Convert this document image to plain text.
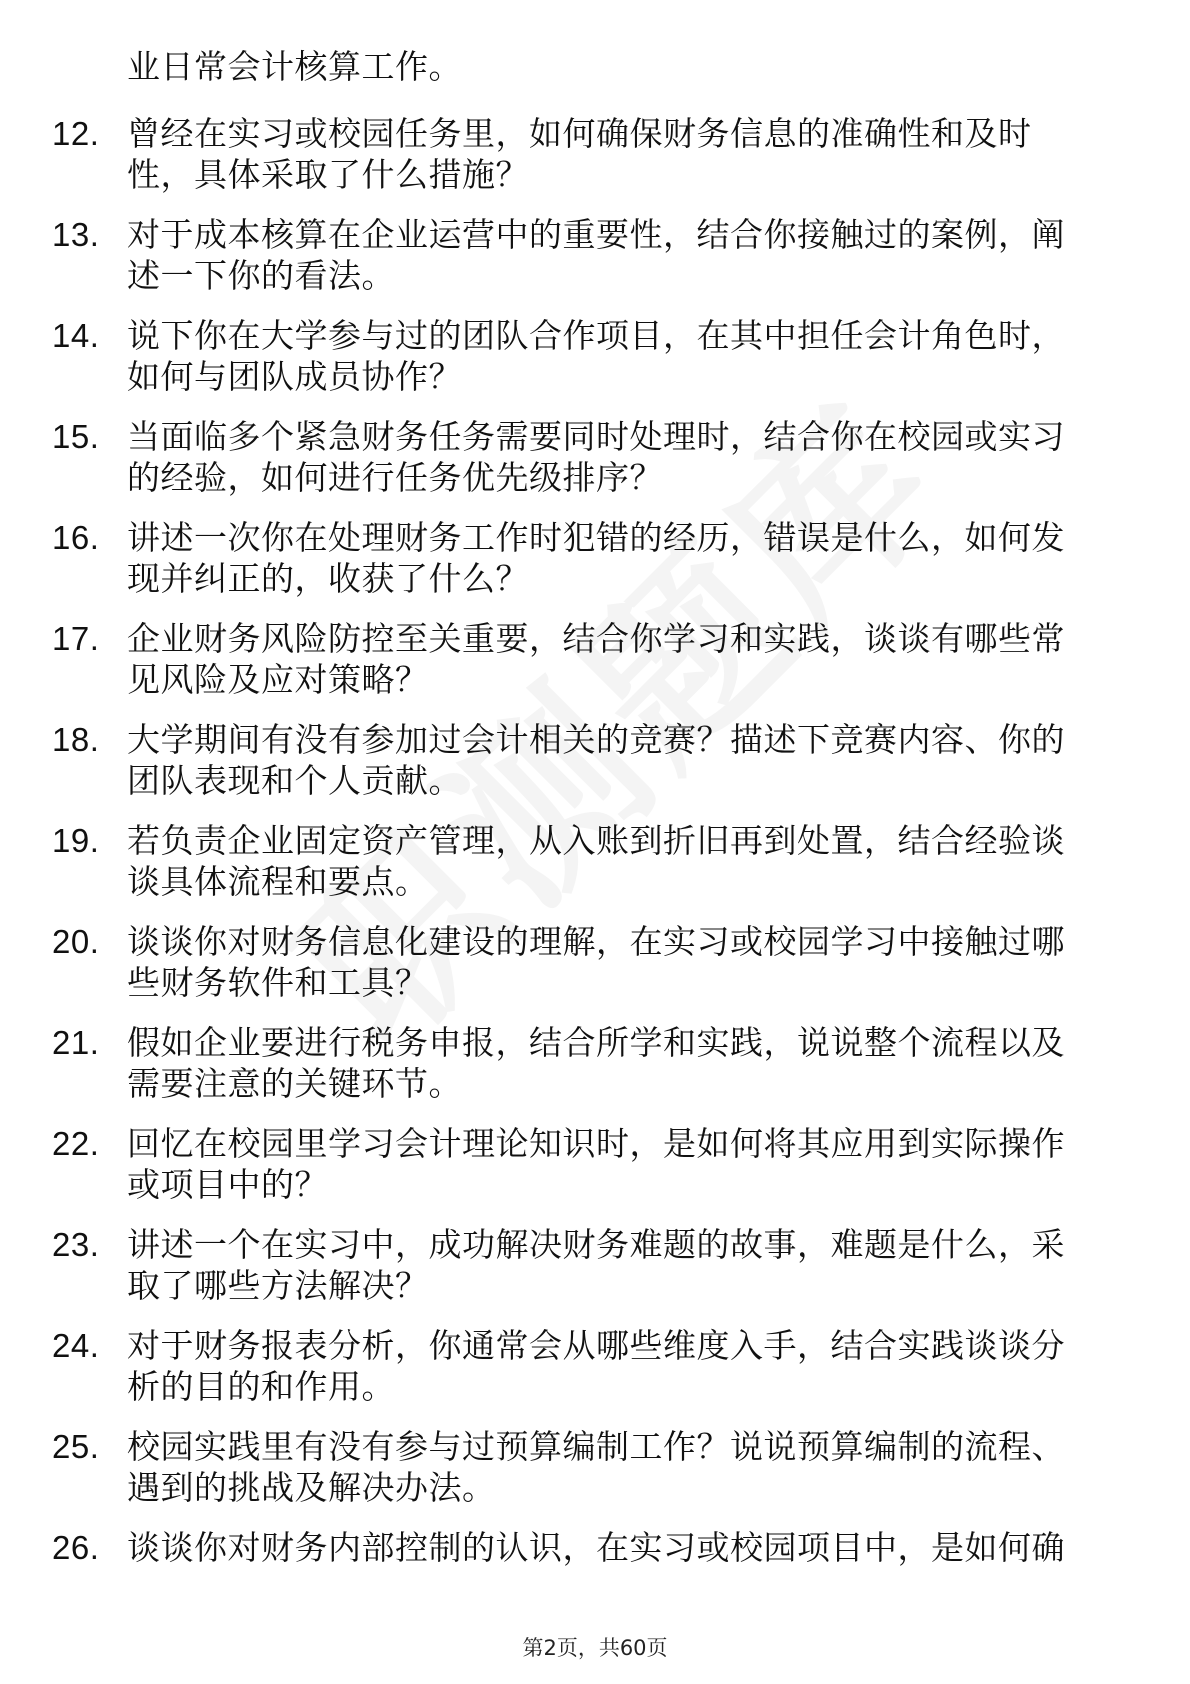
业日常会计核算工作。
12. 曾经在实习或校园任务里，如何确保财务信息的准确性和及时
性，具体采取了什么措施？
13. 对于成本核算在企业运营中的重要性，结合你接触过的案例，阐
述一下你的看法。
14. 说下你在大学参与过的团队合作项目，在其中担任会计角色时，
如何与团队成员协作？
15. 当面临多个紧急财务任务需要同时处理时，结合你在校园或实习
的经验，如何进行任务优先级排序？
16. 讲述一次你在处理财务工作时犯错的经历，错误是什么，如何发
现并纠正的，收获了什么？
17. 企业财务风险防控至关重要，结合你学习和实践，谈谈有哪些常
见风险及应对策略？
18. 大学期间有没有参加过会计相关的竞赛？描述下竞赛内容、你的
团队表现和个人贡献。
19. 若负责企业固定资产管理，从入账到折旧再到处置，结合经验谈
谈具体流程和要点。
20. 谈谈你对财务信息化建设的理解，在实习或校园学习中接触过哪
些财务软件和工具？
21. 假如企业要进行税务申报，结合所学和实践，说说整个流程以及
需要注意的关键环节。
22. 回忆在校园里学习会计理论知识时，是如何将其应用到实际操作
或项目中的？
23. 讲述一个在实习中，成功解决财务难题的故事，难题是什么，采
取了哪些方法解决？
24. 对于财务报表分析，你通常会从哪些维度入手，结合实践谈谈分
析的目的和作用。
25. 校园实践里有没有参与过预算编制工作？说说预算编制的流程、
遇到的挑战及解决办法。
26. 谈谈你对财务内部控制的认识，在实习或校园项目中，是如何确
第2页，共60页
